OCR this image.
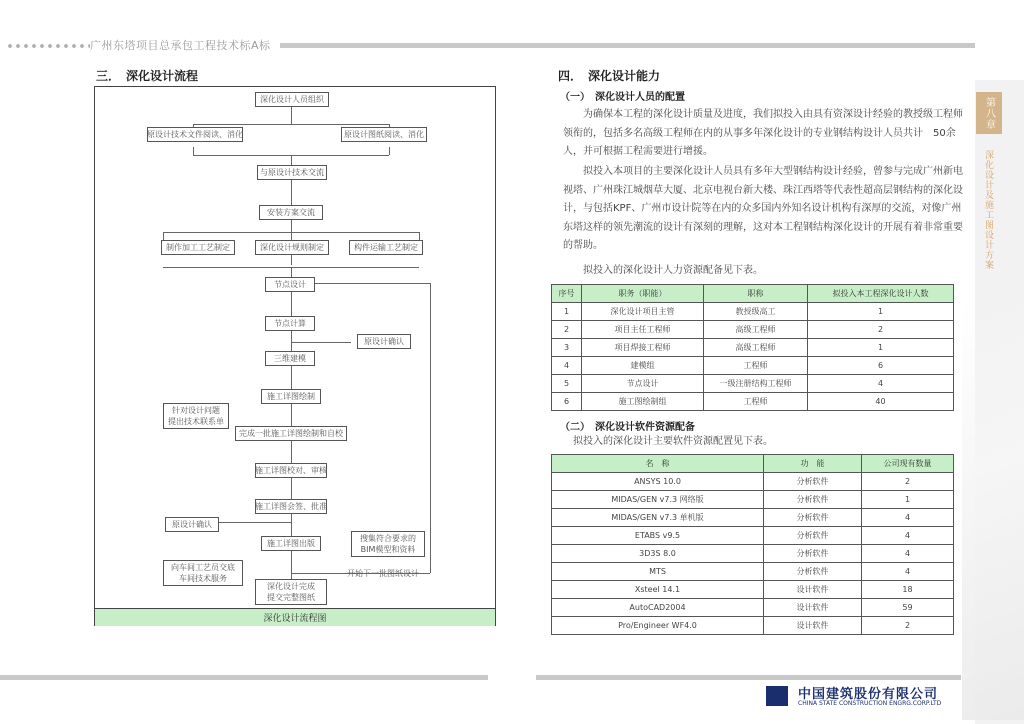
广州东塔项目总承包工程技术标A标
第八章
深化设计及施工图设计方案
三．　深化设计流程
深化设计人员组织
原设计技术文件阅读、消化	原设计图纸阅读、消化
与原设计技术交流
安装方案交流
制作加工工艺制定	深化设计规则制定	构件运输工艺制定
节点设计
节点计算
原设计确认
三维建模
施工详图绘制
针对设计问题
提出技术联系单
完成一批施工详图绘制和自校
施工详图校对、审核
施工详图会签、批准
原设计确认
施工详图出版
搜集符合要求的
BIM模型和资料
向车间工艺员交底
车间技术服务
深化设计完成
提交完整图纸
开始下一批图纸设计
深化设计流程图
四．　深化设计能力
（一）　深化设计人员的配置
为确保本工程的深化设计质量及进度，我们拟投入由具有资深设计经验的教授级工程师领衔的，包括多名高级工程师在内的从事多年深化设计的专业钢结构设计人员共计　50余人，并可根据工程需要进行增援。
拟投入本项目的主要深化设计人员具有多年大型钢结构设计经验，曾参与完成广州新电视塔、广州珠江城烟草大厦、北京电视台新大楼、珠江西塔等代表性超高层钢结构的深化设计，与包括KPF、广州市设计院等在内的众多国内外知名设计机构有深厚的交流，对像广州东塔这样的领先潮流的设计有深刻的理解，这对本工程钢结构深化设计的开展有着非常重要的帮助。
拟投入的深化设计人力资源配备见下表。
序号	职务（职能）	职称	拟投入本工程深化设计人数
1	深化设计项目主管	教授级高工	1
2	项目主任工程师	高级工程师	2
3	项目焊接工程师	高级工程师	1
4	建模组	工程师	6
5	节点设计	一级注册结构工程师	4
6	施工图绘制组	工程师	40
（二）　深化设计软件资源配备
拟投入的深化设计主要软件资源配置见下表。
名　称	功　能	公司现有数量
ANSYS 10.0	分析软件	2
MIDAS/GEN v7.3 网络版	分析软件	1
MIDAS/GEN v7.3 单机版	分析软件	4
ETABS v9.5	分析软件	4
3D3S 8.0	分析软件	4
MTS	分析软件	4
Xsteel 14.1	设计软件	18
AutoCAD2004	设计软件	59
Pro/Engineer WF4.0	设计软件	2
中国建筑股份有限公司
CHINA STATE CONSTRUCTION ENGRG.CORP.LTD
